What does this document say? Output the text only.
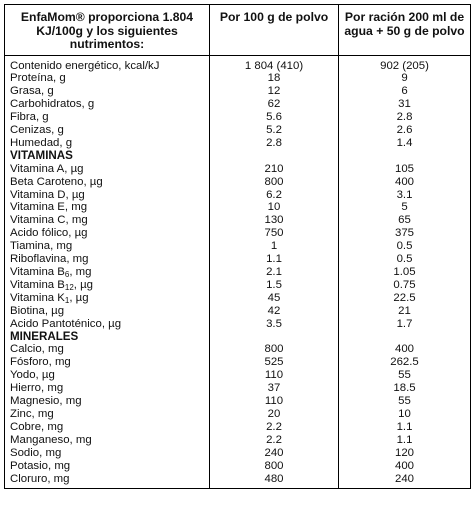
EnfaMom® proporciona 1.804 KJ/100g y los siguientes nutrimentos:	Por 100 g de polvo	Por ración 200 ml de agua + 50 g de polvo
Contenido energético, kcal/kJ	1 804 (410)	902 (205)
Proteína, g	18	9
Grasa, g	12	6
Carbohidratos, g	62	31
Fibra, g	5.6	2.8
Cenizas, g	5.2	2.6
Humedad, g	2.8	1.4
VITAMINAS		
Vitamina A, µg	210	105
Beta Caroteno, µg	800	400
Vitamina D, µg	6.2	3.1
Vitamina E, mg	10	5
Vitamina C, mg	130	65
Acido fólico, µg	750	375
Tiamina, mg	1	0.5
Riboflavina, mg	1.1	0.5
Vitamina $B_6$, mg	2.1	1.05
Vitamina $B_{12}$, µg	1.5	0.75
Vitamina $K_1$, µg	45	22.5
Biotina, µg	42	21
Acido Pantoténico, µg	3.5	1.7
MINERALES		
Calcio, mg	800	400
Fósforo, mg	525	262.5
Yodo, µg	110	55
Hierro, mg	37	18.5
Magnesio, mg	110	55
Zinc, mg	20	10
Cobre, mg	2.2	1.1
Manganeso, mg	2.2	1.1
Sodio, mg	240	120
Potasio, mg	800	400
Cloruro, mg	480	240
